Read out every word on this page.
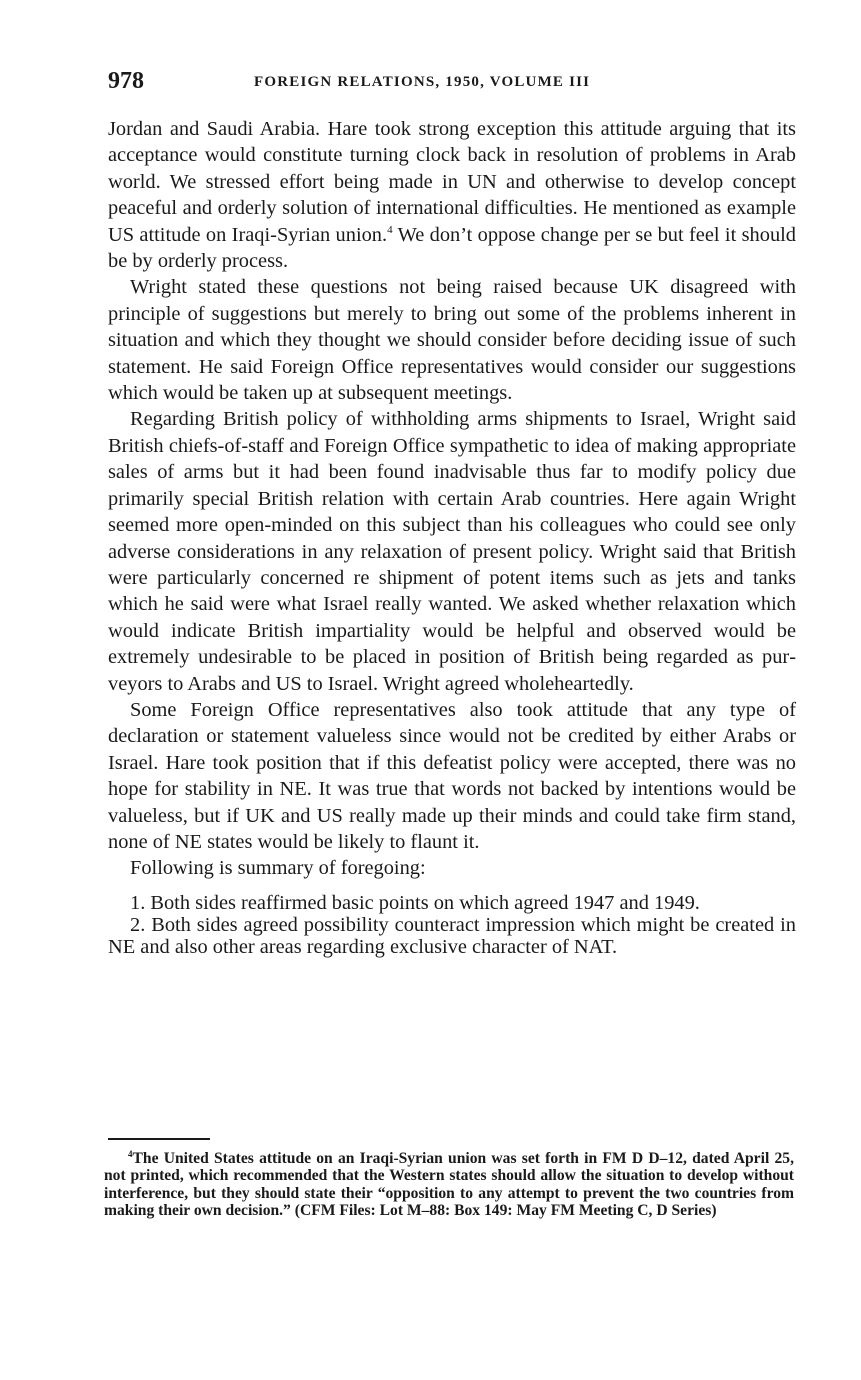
978	FOREIGN RELATIONS, 1950, VOLUME III

Jordan and Saudi Arabia. Hare took strong exception this attitude arguing that its acceptance would constitute turning clock back in resolution of problems in Arab world. We stressed effort being made in UN and otherwise to develop concept peaceful and orderly solution of international difficulties. He mentioned as example US attitude on Iraqi-Syrian union.$^4$ We don’t oppose change per se but feel it should be by orderly process.

Wright stated these questions not being raised because UK disagreed with principle of suggestions but merely to bring out some of the problems inherent in situation and which they thought we should consider before deciding issue of such statement. He said Foreign Office representatives would consider our suggestions which would be taken up at subsequent meetings.

Regarding British policy of withholding arms shipments to Israel, Wright said British chiefs-of-staff and Foreign Office sympathetic to idea of making appropriate sales of arms but it had been found inadvisable thus far to modify policy due primarily special British relation with certain Arab countries. Here again Wright seemed more open-minded on this subject than his colleagues who could see only adverse considerations in any relaxation of present policy. Wright said that British were particularly concerned re shipment of potent items such as jets and tanks which he said were what Israel really wanted. We asked whether relaxation which would indicate British impartiality would be helpful and observed would be extremely undesirable to be placed in position of British being regarded as purveyors to Arabs and US to Israel. Wright agreed wholeheartedly.

Some Foreign Office representatives also took attitude that any type of declaration or statement valueless since would not be credited by either Arabs or Israel. Hare took position that if this defeatist policy were accepted, there was no hope for stability in NE. It was true that words not backed by intentions would be valueless, but if UK and US really made up their minds and could take firm stand, none of NE states would be likely to flaunt it.

Following is summary of foregoing:

1. Both sides reaffirmed basic points on which agreed 1947 and 1949.
2. Both sides agreed possibility counteract impression which might be created in NE and also other areas regarding exclusive character of NAT.
$^4$The United States attitude on an Iraqi-Syrian union was set forth in FM D D–12, dated April 25, not printed, which recommended that the Western states should allow the situation to develop without interference, but they should state their “opposition to any attempt to prevent the two countries from making their own decision.” (CFM Files: Lot M–88: Box 149: May FM Meeting C, D Series)
